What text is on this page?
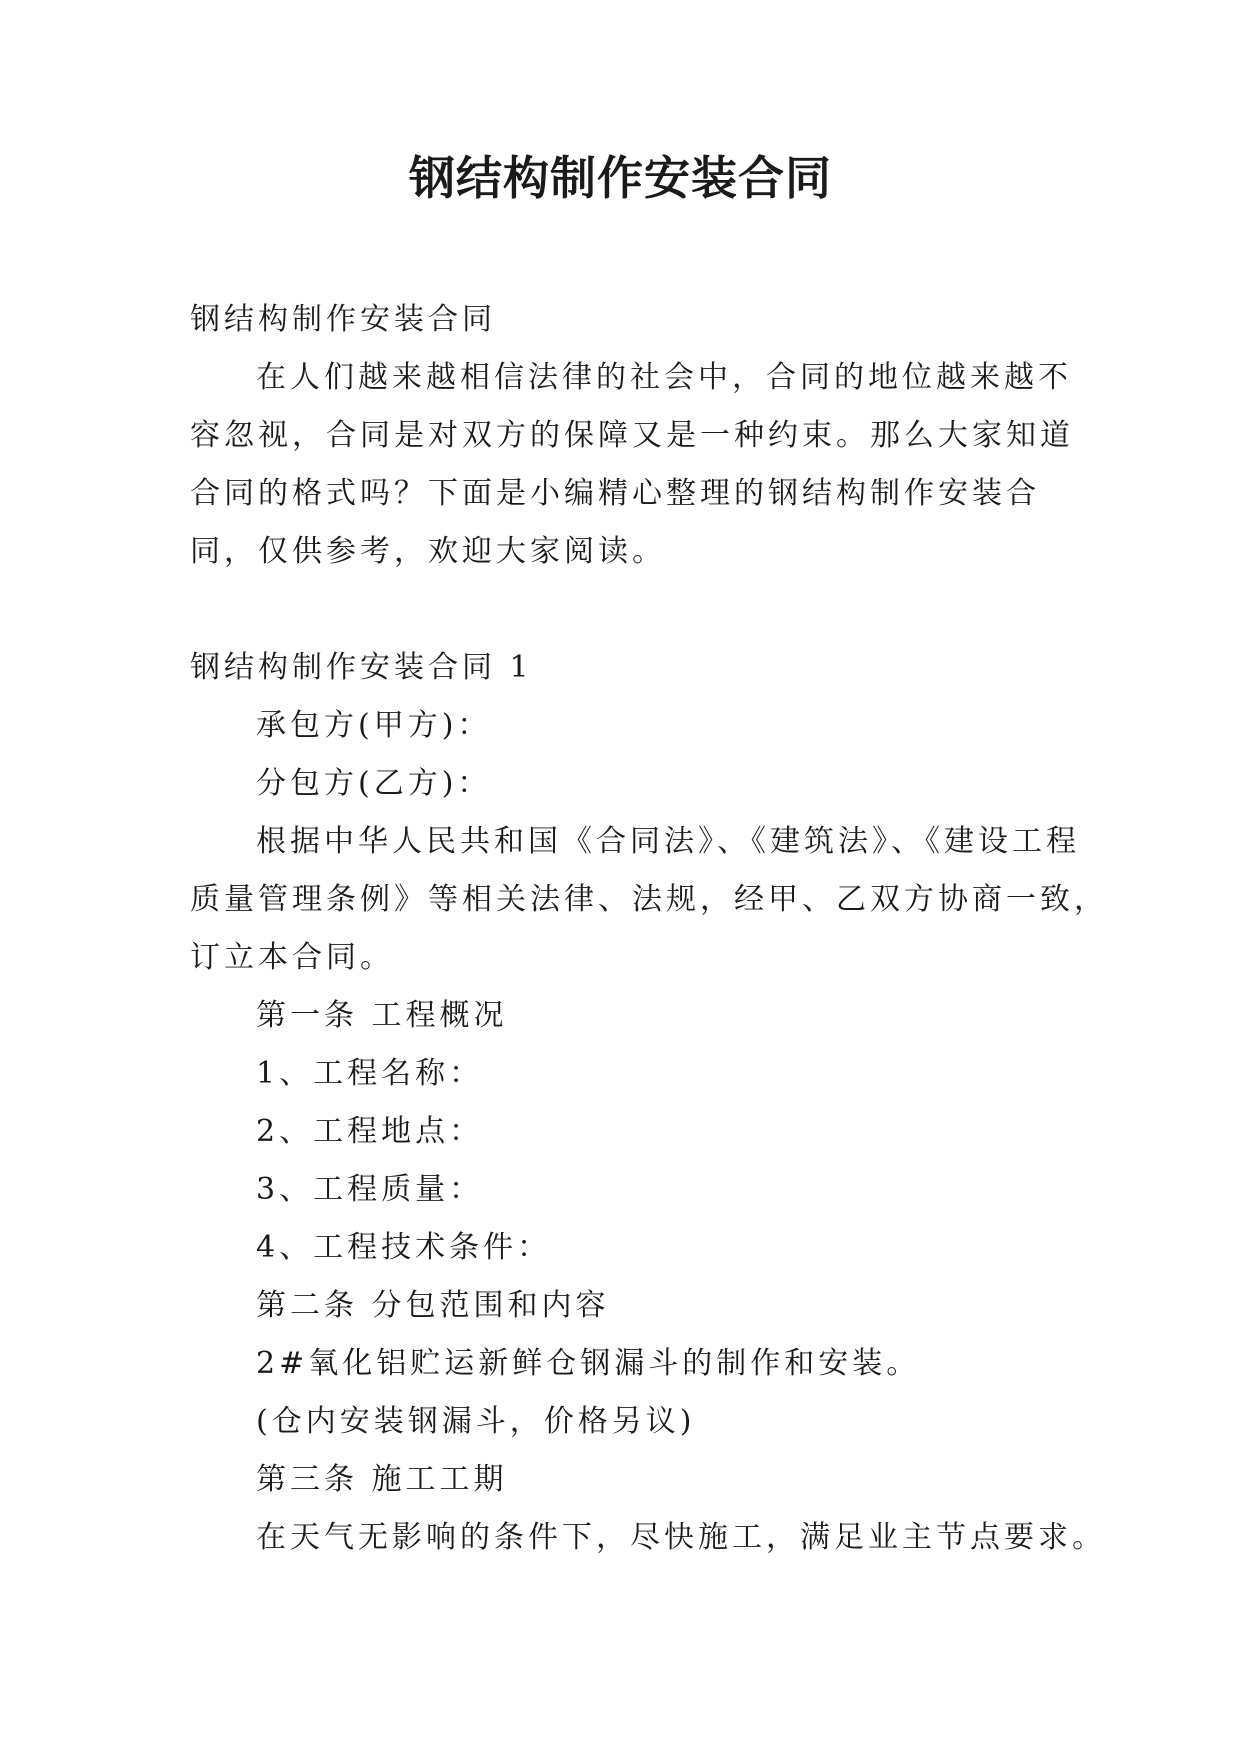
钢结构制作安装合同
钢结构制作安装合同
在人们越来越相信法律的社会中，合同的地位越来越不
容忽视，合同是对双方的保障又是一种约束。那么大家知道
合同的格式吗？下面是小编精心整理的钢结构制作安装合
同，仅供参考，欢迎大家阅读。
钢结构制作安装合同 1
承包方(甲方)：
分包方(乙方)：
根据中华人民共和国《合同法》、《建筑法》、《建设工程
质量管理条例》等相关法律、法规，经甲、乙双方协商一致，
订立本合同。
第一条 工程概况
1、工程名称：
2、工程地点：
3、工程质量：
4、工程技术条件：
第二条 分包范围和内容
2#氧化铝贮运新鲜仓钢漏斗的制作和安装。
(仓内安装钢漏斗，价格另议)
第三条 施工工期
在天气无影响的条件下，尽快施工，满足业主节点要求。
